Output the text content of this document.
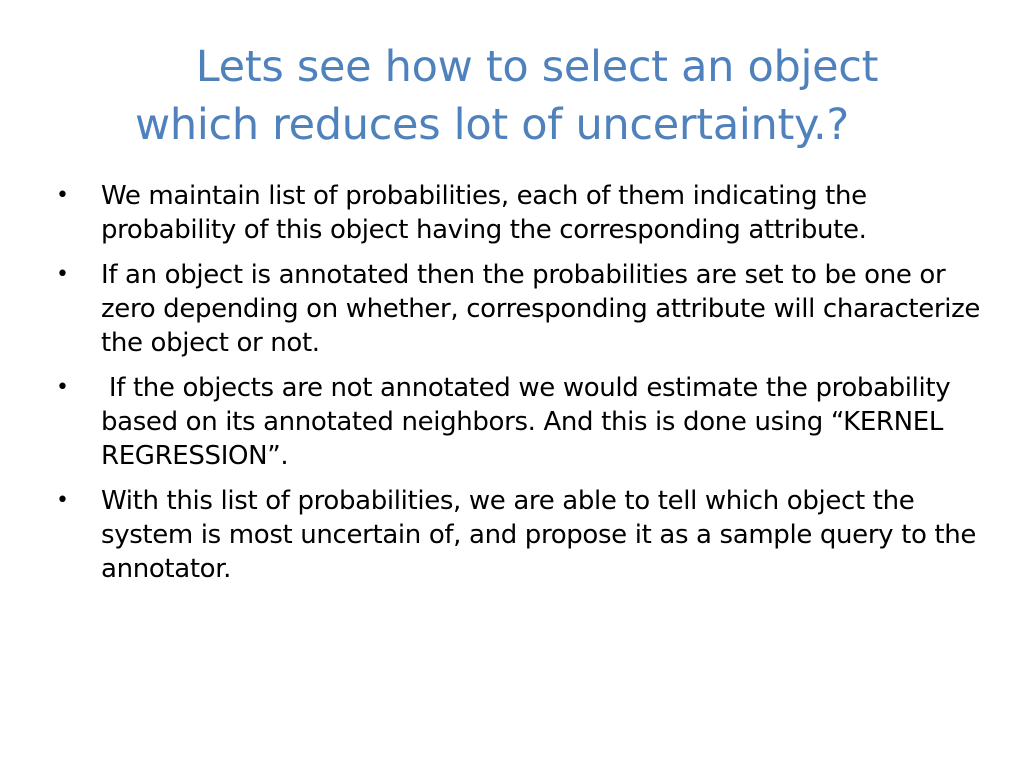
Lets see how to select an object
which reduces lot of uncertainty.?
•	We maintain list of probabilities, each of them indicating the probability of this object having the corresponding attribute.
•	If an object is annotated then the probabilities are set to be one or zero depending on whether, corresponding attribute will characterize the object or not.
•	If the objects are not annotated we would estimate the probability based on its annotated neighbors. And this is done using “KERNEL REGRESSION”.
•	With this list of probabilities, we are able to tell which object the system is most uncertain of, and propose it as a sample query to the annotator.
